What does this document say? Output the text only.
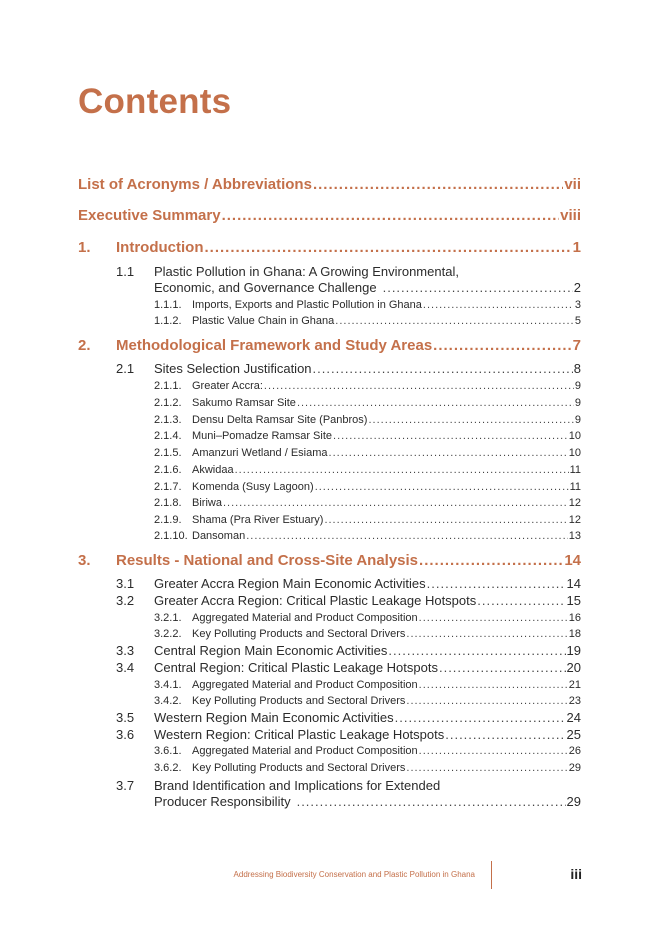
Contents
List of Acronyms / Abbreviations .....	vii
Executive Summary .....	viii
1.	Introduction .....	1
1.1 Plastic Pollution in Ghana: A Growing Environmental,
Economic, and Governance Challenge .....	2
1.1.1. Imports, Exports and Plastic Pollution in Ghana .....	3
1.1.2. Plastic Value Chain in Ghana .....	5
2.	Methodological Framework and Study Areas .....	7
2.1	Sites Selection Justification .....	8
2.1.1. Greater Accra: .....	9
2.1.2. Sakumo Ramsar Site .....	9
2.1.3. Densu Delta Ramsar Site (Panbros) .....	9
2.1.4. Muni–Pomadze Ramsar Site .....	10
2.1.5. Amanzuri Wetland / Esiama .....	10
2.1.6. Akwidaa .....	11
2.1.7. Komenda (Susy Lagoon) .....	11
2.1.8. Biriwa .....	12
2.1.9. Shama (Pra River Estuary) .....	12
2.1.10. Dansoman .....	13
3.	Results - National and Cross-Site Analysis .....	14
3.1	Greater Accra Region Main Economic Activities .....	14
3.2	Greater Accra Region: Critical Plastic Leakage Hotspots .....	15
3.2.1. Aggregated Material and Product Composition .....	16
3.2.2. Key Polluting Products and Sectoral Drivers .....	18
3.3	Central Region Main Economic Activities .....	19
3.4	Central Region: Critical Plastic Leakage Hotspots .....	20
3.4.1. Aggregated Material and Product Composition .....	21
3.4.2. Key Polluting Products and Sectoral Drivers .....	23
3.5	Western Region Main Economic Activities .....	24
3.6	Western Region: Critical Plastic Leakage Hotspots .....	25
3.6.1. Aggregated Material and Product Composition .....	26
3.6.2. Key Polluting Products and Sectoral Drivers .....	29
3.7 Brand Identification and Implications for Extended
Producer Responsibility .....	29
Addressing Biodiversity Conservation and Plastic Pollution in Ghana	iii
